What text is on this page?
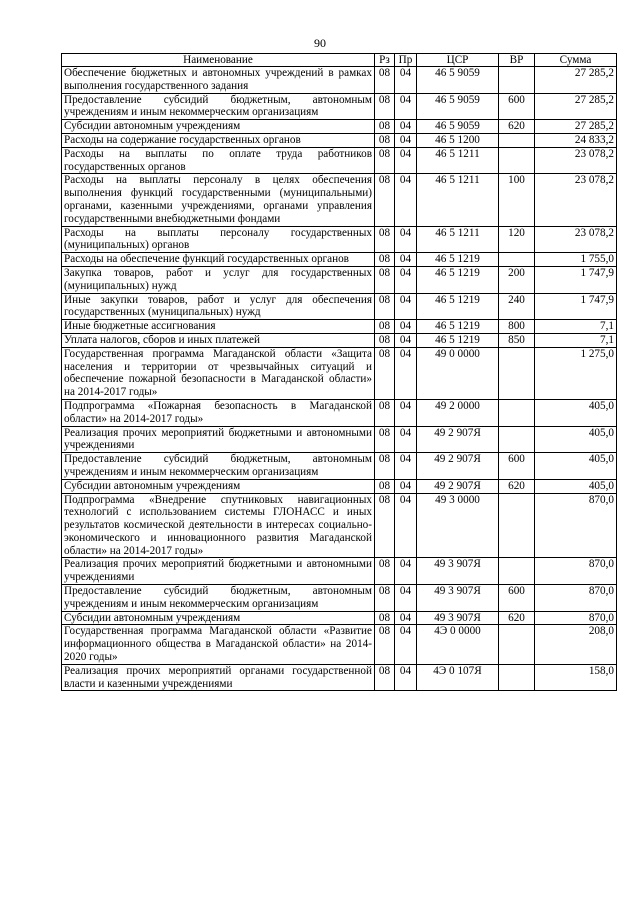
90
Наименование	Рз	Пр	ЦСР	ВР	Сумма
Обеспечение бюджетных и автономных учреждений в рамках выполнения государственного задания	08	04	46 5 9059		27 285,2
Предоставление субсидий бюджетным, автономным учреждениям и иным некоммерческим организациям	08	04	46 5 9059	600	27 285,2
Субсидии автономным учреждениям	08	04	46 5 9059	620	27 285,2
Расходы на содержание государственных органов	08	04	46 5 1200		24 833,2
Расходы на выплаты по оплате труда работников государственных органов	08	04	46 5 1211		23 078,2
Расходы на выплаты персоналу в целях обеспечения выполнения функций государственными (муниципальными) органами, казенными учреждениями, органами управления государственными внебюджетными фондами	08	04	46 5 1211	100	23 078,2
Расходы на выплаты персоналу государственных (муниципальных) органов	08	04	46 5 1211	120	23 078,2
Расходы на обеспечение функций государственных органов	08	04	46 5 1219		1 755,0
Закупка товаров, работ и услуг для государственных (муниципальных) нужд	08	04	46 5 1219	200	1 747,9
Иные закупки товаров, работ и услуг для обеспечения государственных (муниципальных) нужд	08	04	46 5 1219	240	1 747,9
Иные бюджетные ассигнования	08	04	46 5 1219	800	7,1
Уплата налогов, сборов и иных платежей	08	04	46 5 1219	850	7,1
Государственная программа Магаданской области «Защита населения и территории от чрезвычайных ситуаций и обеспечение пожарной безопасности в Магаданской области» на 2014-2017 годы»	08	04	49 0 0000		1 275,0
Подпрограмма «Пожарная безопасность в Магаданской области» на 2014-2017 годы»	08	04	49 2 0000		405,0
Реализация прочих мероприятий бюджетными и автономными учреждениями	08	04	49 2 907Я		405,0
Предоставление субсидий бюджетным, автономным учреждениям и иным некоммерческим организациям	08	04	49 2 907Я	600	405,0
Субсидии автономным учреждениям	08	04	49 2 907Я	620	405,0
Подпрограмма «Внедрение спутниковых навигационных технологий с использованием системы ГЛОНАСС и иных результатов космической деятельности в интересах социально-экономического и инновационного развития Магаданской области» на 2014-2017 годы»	08	04	49 3 0000		870,0
Реализация прочих мероприятий бюджетными и автономными учреждениями	08	04	49 3 907Я		870,0
Предоставление субсидий бюджетным, автономным учреждениям и иным некоммерческим организациям	08	04	49 3 907Я	600	870,0
Субсидии автономным учреждениям	08	04	49 3 907Я	620	870,0
Государственная программа Магаданской области «Развитие информационного общества в Магаданской области» на 2014-2020 годы»	08	04	4Э 0 0000		208,0
Реализация прочих мероприятий органами государственной власти и казенными учреждениями	08	04	4Э 0 107Я		158,0
